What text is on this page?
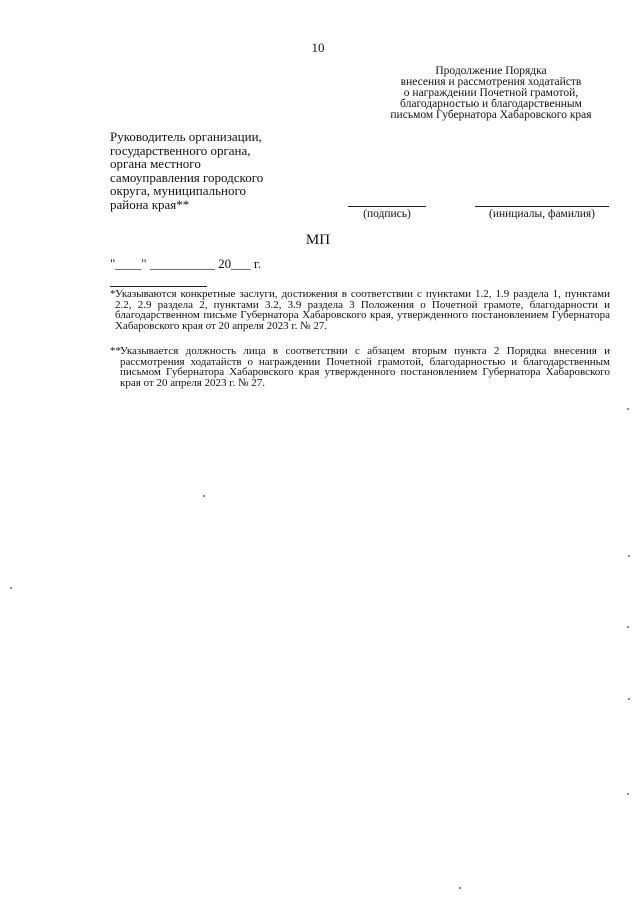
10
Продолжение Порядка
внесения и рассмотрения ходатайств
о награждении Почетной грамотой,
благодарностью и благодарственным
письмом Губернатора Хабаровского края
Руководитель организации,
государственного органа,
органа местного
самоуправления городского
округа, муниципального
района края**
(подпись)	(инициалы, фамилия)
МП
"____" __________ 20___ г.
* Указываются конкретные заслуги, достижения в соответствии с пунктами 1.2, 1.9 раздела 1, пунктами 2.2, 2.9 раздела 2, пунктами 3.2, 3.9 раздела 3 Положения о Почетной грамоте, благодарности и благодарственном письме Губернатора Хабаровского края, утвержденного постановлением Губернатора Хабаровского края от 20 апреля 2023 г. № 27.
** Указывается должность лица в соответствии с абзацем вторым пункта 2 Порядка внесения и рассмотрения ходатайств о награждении Почетной грамотой, благодарностью и благодарственным письмом Губернатора Хабаровского края утвержденного постановлением Губернатора Хабаровского края от 20 апреля 2023 г. № 27.
